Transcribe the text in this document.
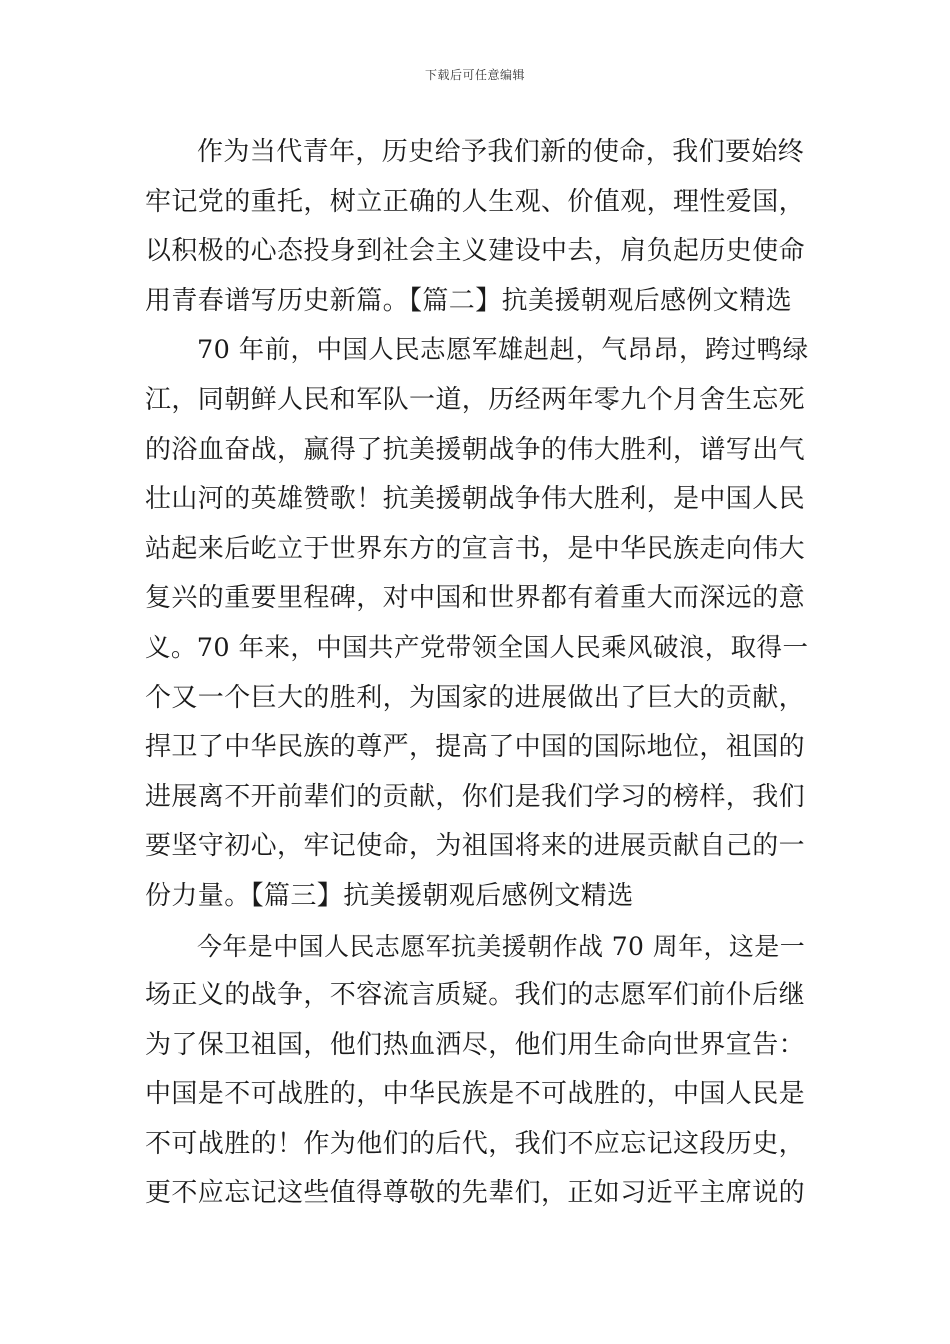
下载后可任意编辑
作为当代青年，历史给予我们新的使命，我们要始终
牢记党的重托，树立正确的人生观、价值观，理性爱国，
以积极的心态投身到社会主义建设中去，肩负起历史使命
用青春谱写历史新篇。【篇二】抗美援朝观后感例文精选
70 年前，中国人民志愿军雄赳赳，气昂昂，跨过鸭绿
江，同朝鲜人民和军队一道，历经两年零九个月舍生忘死
的浴血奋战，赢得了抗美援朝战争的伟大胜利，谱写出气
壮山河的英雄赞歌！抗美援朝战争伟大胜利，是中国人民
站起来后屹立于世界东方的宣言书，是中华民族走向伟大
复兴的重要里程碑，对中国和世界都有着重大而深远的意
义。70 年来，中国共产党带领全国人民乘风破浪，取得一
个又一个巨大的胜利，为国家的进展做出了巨大的贡献，
捍卫了中华民族的尊严，提高了中国的国际地位，祖国的
进展离不开前辈们的贡献，你们是我们学习的榜样，我们
要坚守初心，牢记使命，为祖国将来的进展贡献自己的一
份力量。【篇三】抗美援朝观后感例文精选
今年是中国人民志愿军抗美援朝作战 70 周年，这是一
场正义的战争，不容流言质疑。我们的志愿军们前仆后继
为了保卫祖国，他们热血洒尽，他们用生命向世界宣告：
中国是不可战胜的，中华民族是不可战胜的，中国人民是
不可战胜的！作为他们的后代，我们不应忘记这段历史，
更不应忘记这些值得尊敬的先辈们，正如习近平主席说的
